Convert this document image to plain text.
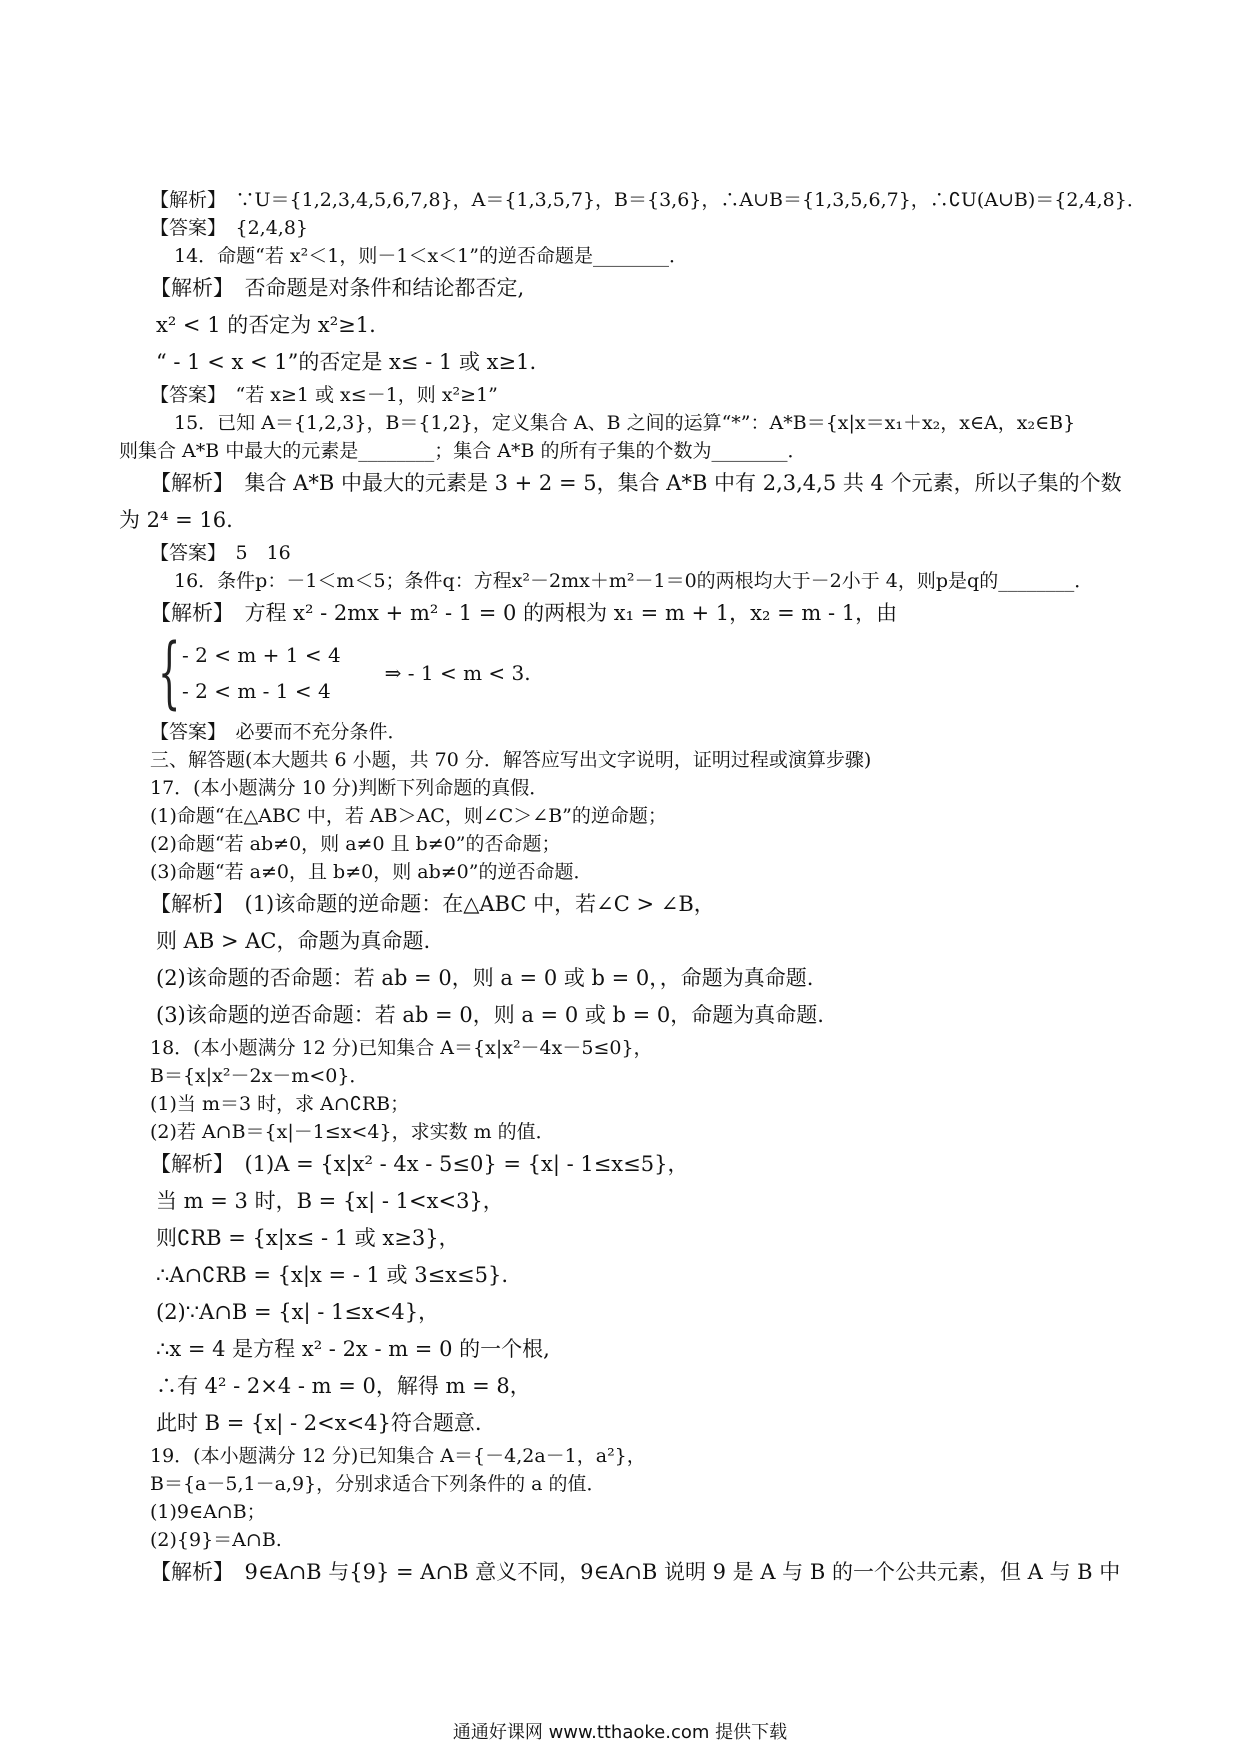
【解析】　∵U＝{1,2,3,4,5,6,7,8}，A＝{1,3,5,7}，B＝{3,6}，∴A∪B＝{1,3,5,6,7}，∴∁U(A∪B)＝{2,4,8}．

【答案】　{2,4,8}

14．命题“若 x²＜1，则－1＜x＜1”的逆否命题是________．

【解析】　否命题是对条件和结论都否定,

x² < 1 的否定为 x²≥1.

“ - 1 < x < 1”的否定是 x≤ - 1 或 x≥1.

【答案】　“若 x≥1 或 x≤－1，则 x²≥1”

15．已知 A＝{1,2,3}，B＝{1,2}，定义集合 A、B 之间的运算“*”：A*B＝{x|x＝x₁＋x₂，x∈A，x₂∈B}

则集合 A*B 中最大的元素是________；集合 A*B 的所有子集的个数为________．

【解析】　集合 A*B 中最大的元素是 3 + 2 = 5，集合 A*B 中有 2,3,4,5 共 4 个元素，所以子集的个数

为 2⁴ = 16.

【答案】　5　16

16．条件p：－1＜m＜5；条件q：方程x²－2mx＋m²－1＝0的两根均大于－2小于 4，则p是q的________．

【解析】　方程 x² - 2mx + m² - 1 = 0 的两根为 x₁ = m + 1，x₂ = m - 1，由

{ - 2 < m + 1 < 4
- 2 < m - 1 < 4
⇒ - 1 < m < 3.

【答案】　必要而不充分条件．

三、解答题(本大题共 6 小题，共 70 分．解答应写出文字说明，证明过程或演算步骤)

17．(本小题满分 10 分)判断下列命题的真假．

(1)命题“在△ABC 中，若 AB＞AC，则∠C＞∠B”的逆命题；

(2)命题“若 ab≠0，则 a≠0 且 b≠0”的否命题；

(3)命题“若 a≠0，且 b≠0，则 ab≠0”的逆否命题．

【解析】　(1)该命题的逆命题：在△ABC 中，若∠C > ∠B，

则 AB > AC，命题为真命题.

(2)该命题的否命题：若 ab = 0，则 a = 0 或 b = 0，，命题为真命题.

(3)该命题的逆否命题：若 ab = 0，则 a = 0 或 b = 0，命题为真命题.

18．(本小题满分 12 分)已知集合 A＝{x|x²－4x－5≤0}，

B＝{x|x²－2x－m<0}．

(1)当 m＝3 时，求 A∩∁RB；

(2)若 A∩B＝{x|－1≤x<4}，求实数 m 的值．

【解析】　(1)A = {x|x² - 4x - 5≤0} = {x| - 1≤x≤5}，

当 m = 3 时，B = {x| - 1<x<3}，

则∁RB = {x|x≤ - 1 或 x≥3}，

∴A∩∁RB = {x|x = - 1 或 3≤x≤5}.

(2)∵A∩B = {x| - 1≤x<4}，

∴x = 4 是方程 x² - 2x - m = 0 的一个根,

∴有 4² - 2×4 - m = 0，解得 m = 8，

此时 B = {x| - 2<x<4}符合题意.

19．(本小题满分 12 分)已知集合 A＝{－4,2a－1，a²}，

B＝{a－5,1－a,9}，分别求适合下列条件的 a 的值．

(1)9∈A∩B；

(2){9}＝A∩B.

【解析】　9∈A∩B 与{9} = A∩B 意义不同，9∈A∩B 说明 9 是 A 与 B 的一个公共元素，但 A 与 B 中

通通好课网 www.tthaoke.com 提供下载
